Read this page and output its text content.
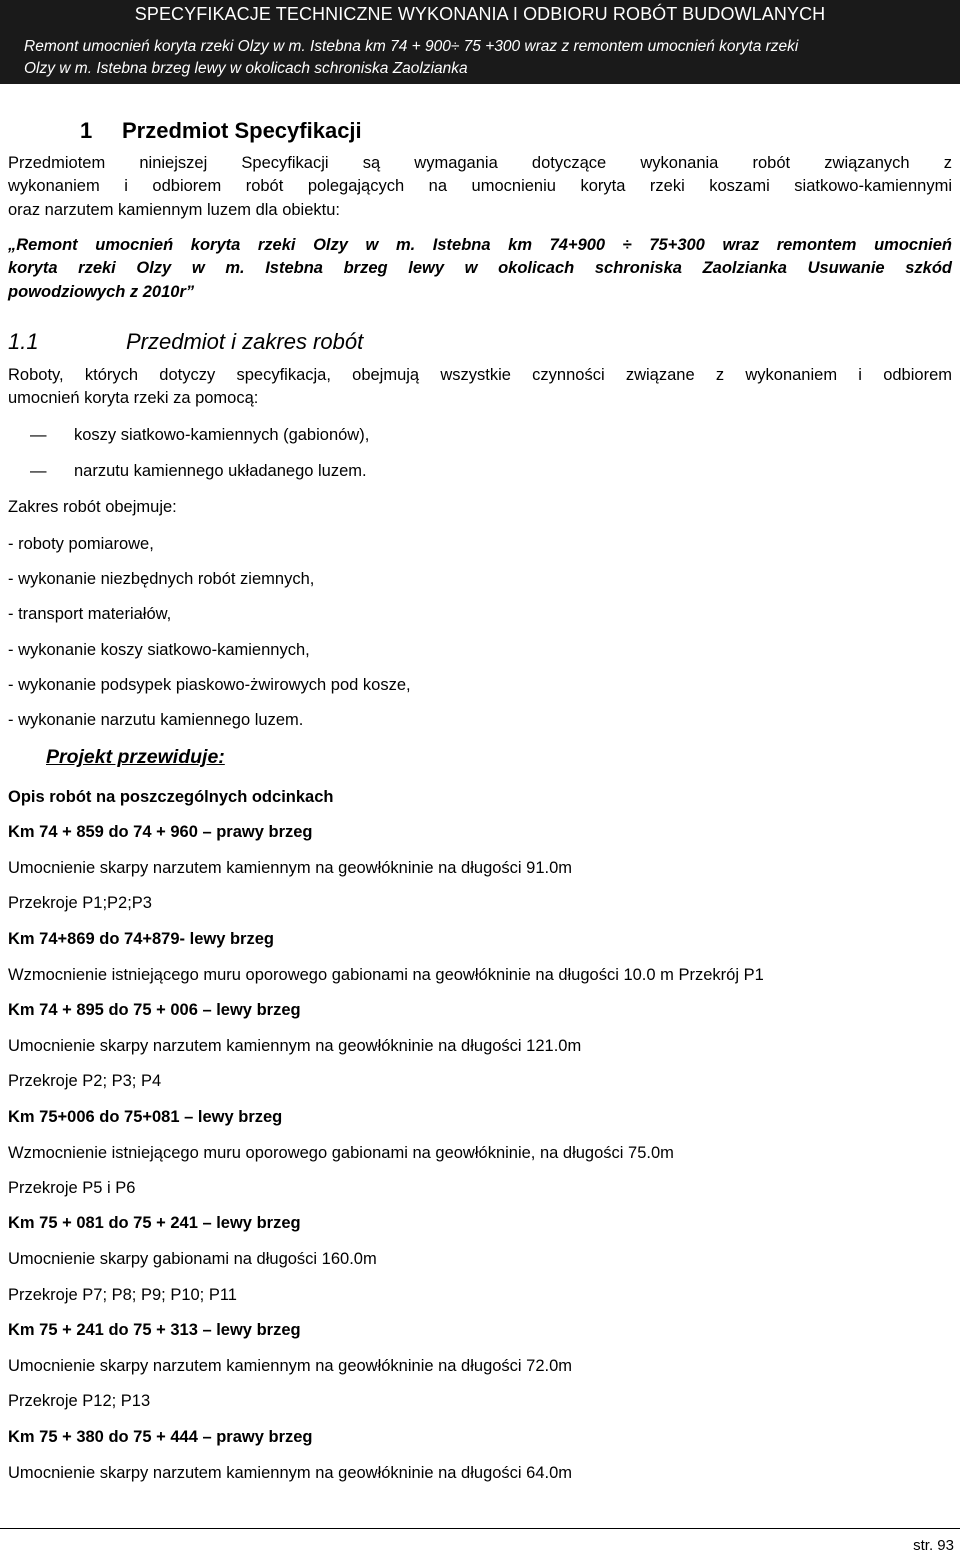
SPECYFIKACJE TECHNICZNE WYKONANIA I ODBIORU ROBÓT BUDOWLANYCH
Remont umocnień koryta rzeki Olzy w m. Istebna km 74 + 900÷ 75 +300 wraz z remontem umocnień koryta rzeki
Olzy w m. Istebna brzeg lewy w okolicach schroniska Zaolzianka
1 Przedmiot Specyfikacji
Przedmiotem niniejszej Specyfikacji są wymagania dotyczące wykonania robót związanych z
wykonaniem i odbiorem robót polegających na umocnieniu koryta rzeki koszami siatkowo-kamiennymi
oraz narzutem kamiennym luzem dla obiektu:
„Remont umocnień koryta rzeki Olzy w m. Istebna km 74+900 ÷ 75+300 wraz remontem umocnień
koryta rzeki Olzy w m. Istebna brzeg lewy w okolicach schroniska Zaolzianka Usuwanie szkód
powodziowych z 2010r”
1.1	Przedmiot i zakres robót
Roboty, których dotyczy specyfikacja, obejmują wszystkie czynności związane z wykonaniem i odbiorem
umocnień koryta rzeki za pomocą:
— koszy siatkowo-kamiennych (gabionów),
— narzutu kamiennego układanego luzem.
Zakres robót obejmuje:
- roboty pomiarowe,
- wykonanie niezbędnych robót ziemnych,
- transport materiałów,
- wykonanie koszy siatkowo-kamiennych,
- wykonanie podsypek piaskowo-żwirowych pod kosze,
- wykonanie narzutu kamiennego luzem.
Projekt przewiduje:
Opis robót na poszczególnych odcinkach
Km 74 + 859 do 74 + 960 – prawy brzeg
Umocnienie skarpy narzutem kamiennym na geowłókninie na długości 91.0m
Przekroje P1;P2;P3
Km 74+869 do 74+879- lewy brzeg
Wzmocnienie istniejącego muru oporowego gabionami na geowłókninie na długości 10.0 m Przekrój P1
Km 74 + 895 do 75 + 006 – lewy brzeg
Umocnienie skarpy narzutem kamiennym na geowłókninie na długości 121.0m
Przekroje P2; P3; P4
Km 75+006 do 75+081 – lewy brzeg
Wzmocnienie istniejącego muru oporowego gabionami na geowłókninie, na długości 75.0m
Przekroje P5 i P6
Km 75 + 081 do 75 + 241 – lewy brzeg
Umocnienie skarpy gabionami na długości 160.0m
Przekroje P7; P8; P9; P10; P11
Km 75 + 241 do 75 + 313 – lewy brzeg
Umocnienie skarpy narzutem kamiennym na geowłókninie na długości 72.0m
Przekroje P12; P13
Km 75 + 380 do 75 + 444 – prawy brzeg
Umocnienie skarpy narzutem kamiennym na geowłókninie na długości 64.0m
str. 93
